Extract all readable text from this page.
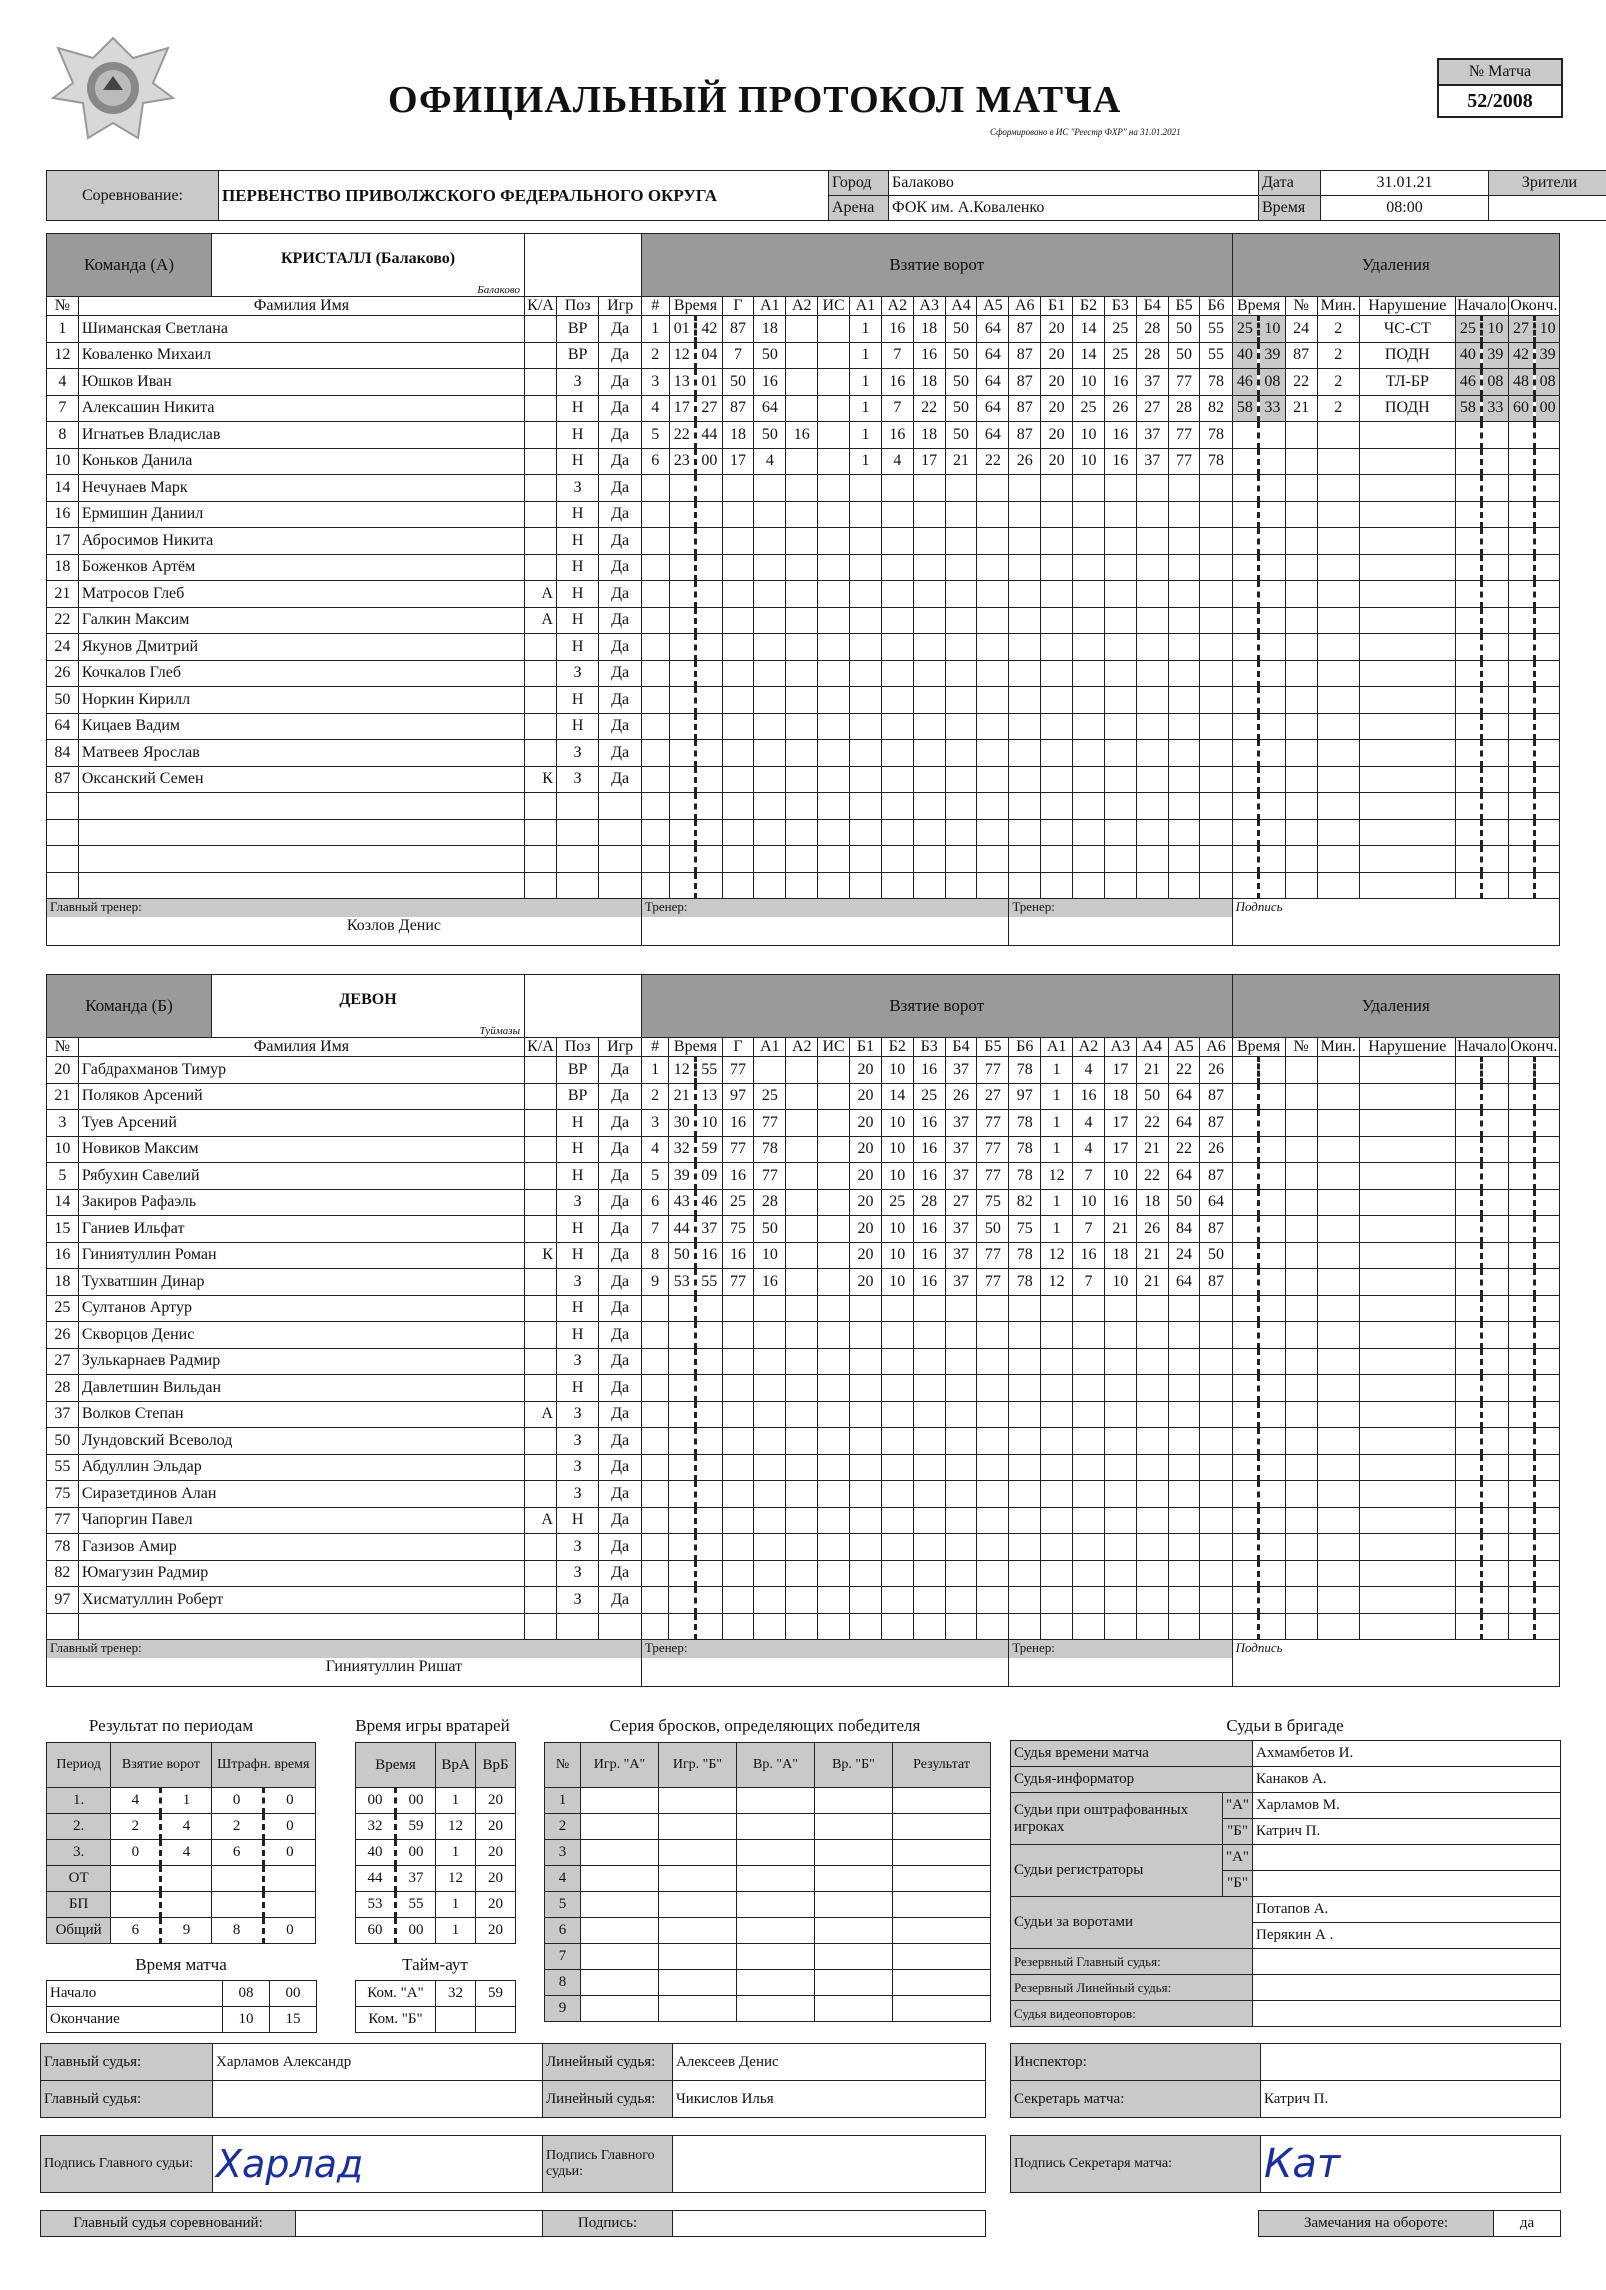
ОФИЦИАЛЬНЫЙ ПРОТОКОЛ МАТЧА
Сформировано в ИС "Реестр ФХР" на 31.01.2021
№ Матча
52/2008
Соревнование:	ПЕРВЕНСТВО ПРИВОЛЖСКОГО ФЕДЕРАЛЬНОГО ОКРУГА	Город	Балаково	Дата	31.01.21	Зрители
		Арена	ФОК им. А.Коваленко	Время	08:00	
Команда (А) КРИСТАЛЛ (Балаково)
Балаково					Взятие ворот																			Удаления								
№	Фамилия Имя	К/А	Поз	Игр	#	Время		Г	А1	А2	ИС	А1	А2	А3	А4	А5	А6	Б1	Б2	Б3	Б4	Б5	Б6	Время		№	Мин.	Нарушение	Начало		Оконч.	
1	Шиманская Светлана		ВР	Да	1	01	42	87	18			1	16	18	50	64	87	20	14	25	28	50	55	25	10	24	2	ЧС-СТ	25	10	27	10
12	Коваленко Михаил		ВР	Да	2	12	04	7	50			1	7	16	50	64	87	20	14	25	28	50	55	40	39	87	2	ПОДН	40	39	42	39
4	Юшков Иван		З	Да	3	13	01	50	16			1	16	18	50	64	87	20	10	16	37	77	78	46	08	22	2	ТЛ-БР	46	08	48	08
7	Алексашин Никита		Н	Да	4	17	27	87	64			1	7	22	50	64	87	20	25	26	27	28	82	58	33	21	2	ПОДН	58	33	60	00
8	Игнатьев Владислав		Н	Да	5	22	44	18	50	16		1	16	18	50	64	87	20	10	16	37	77	78									
10	Коньков Данила		Н	Да	6	23	00	17	4			1	4	17	21	22	26	20	10	16	37	77	78									
14	Нечунаев Марк		З	Да																												
16	Ермишин Даниил		Н	Да																												
17	Абросимов Никита		Н	Да																												
18	Боженков Артём		Н	Да																												
21	Матросов Глеб	А	Н	Да																												
22	Галкин Максим	А	Н	Да																												
24	Якунов Дмитрий		Н	Да																												
26	Кочкалов Глеб		З	Да																												
50	Норкин Кирилл		Н	Да																												
64	Кицаев Вадим		Н	Да																												
84	Матвеев Ярослав		З	Да																												
87	Оксанский Семен	К	З	Да																												

Главный тренер:
Козлов Денис					Тренер:												Тренер:							Подпись								
Команда (Б) ДЕВОН
Туймазы					Взятие ворот																			Удаления								
№	Фамилия Имя	К/А	Поз	Игр	#	Время		Г	А1	А2	ИС	Б1	Б2	Б3	Б4	Б5	Б6	А1	А2	А3	А4	А5	А6	Время		№	Мин.	Нарушение	Начало		Оконч.	
20	Габдрахманов Тимур		ВР	Да	1	12	55	77				20	10	16	37	77	78	1	4	17	21	22	26									
21	Поляков Арсений		ВР	Да	2	21	13	97	25			20	14	25	26	27	97	1	16	18	50	64	87									
3	Туев Арсений		Н	Да	3	30	10	16	77			20	10	16	37	77	78	1	4	17	22	64	87									
10	Новиков Максим		Н	Да	4	32	59	77	78			20	10	16	37	77	78	1	4	17	21	22	26									
5	Рябухин Савелий		Н	Да	5	39	09	16	77			20	10	16	37	77	78	12	7	10	22	64	87									
14	Закиров Рафаэль		З	Да	6	43	46	25	28			20	25	28	27	75	82	1	10	16	18	50	64									
15	Ганиев Ильфат		Н	Да	7	44	37	75	50			20	10	16	37	50	75	1	7	21	26	84	87									
16	Гиниятуллин Роман	К	Н	Да	8	50	16	16	10			20	10	16	37	77	78	12	16	18	21	24	50									
18	Тухватшин Динар		З	Да	9	53	55	77	16			20	10	16	37	77	78	12	7	10	21	64	87									
25	Султанов Артур		Н	Да																												
26	Скворцов Денис		Н	Да																												
27	Зулькарнаев Радмир		З	Да																												
28	Давлетшин Вильдан		Н	Да																												
37	Волков Степан	А	З	Да																												
50	Лундовский Всеволод		З	Да																												
55	Абдуллин Эльдар		З	Да																												
75	Сиразетдинов Алан		З	Да																												
77	Чапоргин Павел	А	Н	Да																												
78	Газизов Амир		З	Да																												
82	Юмагузин Радмир		З	Да																												
97	Хисматуллин Роберт		З	Да																												

Главный тренер:
Гиниятуллин Ришат					Тренер:												Тренер:							Подпись								
Результат по периодам
Период	Взятие ворот		Штрафн. время	
1.	4	1	0	0
2.	2	4	2	0
3.	0	4	6	0
ОТ				
БП				
Общий	6	9	8	0
Время матча
Начало	08	00
Окончание	10	15
Время игры вратарей
Время		ВрА	ВрБ
00	00	1	20
32	59	12	20
40	00	1	20
44	37	12	20
53	55	1	20
60	00	1	20
Тайм-аут
Ком. "А"	32	59
Ком. "Б"		
Серия бросков, определяющих победителя
№	Игр. "А"	Игр. "Б"	Вр. "А"	Вр. "Б"	Результат
1					
2					
3					
4					
5					
6					
7					
8					
9					
Судьи в бригаде
Судья времени матча		Ахмамбетов И.
Судья-информатор		Канаков А.
Судьи при оштрафованных игроках	"А"	Харламов М.
	"Б"	Катрич П.
Судьи регистраторы	"А"	
	"Б"	
Судьи за воротами		Потапов А.
		Перякин А .
Резервный Главный судья:		
Резервный Линейный судья:		
Судья видеоповторов:		
Главный судья:	Харламов Александр	Линейный судья:	Алексеев Денис
Главный судья:		Линейный судья:	Чикислов Илья
Инспектор:	
Секретарь матча:	Катрич П.
Подпись Главного судьи:	Харлад	Подпись Главного судьи:	
Подпись Секретаря матча:	Кат
Главный судья соревнований:		Подпись:		Замечания на обороте:	да
